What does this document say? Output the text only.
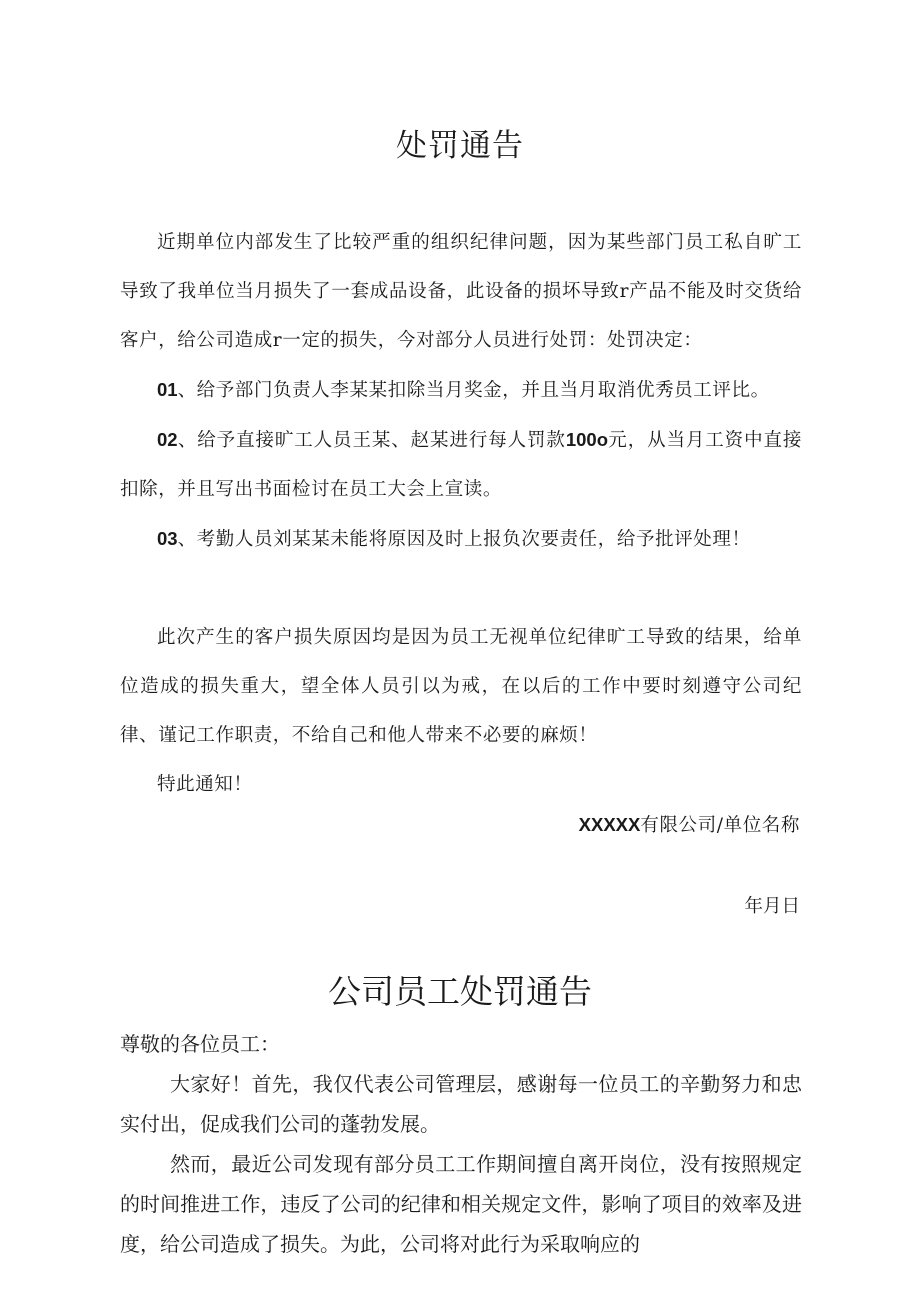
处罚通告

近期单位内部发生了比较严重的组织纪律问题，因为某些部门员工私自旷工导致了我单位当月损失了一套成品设备，此设备的损坏导致r产品不能及时交货给客户，给公司造成r一定的损失，今对部分人员进行处罚：处罚决定：

01、给予部门负责人李某某扣除当月奖金，并且当月取消优秀员工评比。

02、给予直接旷工人员王某、赵某进行每人罚款100o元，从当月工资中直接扣除，并且写出书面检讨在员工大会上宣读。

03、考勤人员刘某某未能将原因及时上报负次要责任，给予批评处理！

此次产生的客户损失原因均是因为员工无视单位纪律旷工导致的结果，给单位造成的损失重大，望全体人员引以为戒，在以后的工作中要时刻遵守公司纪律、谨记工作职责，不给自己和他人带来不必要的麻烦！

特此通知！

XXXXX有限公司/单位名称
年月日
公司员工处罚通告

尊敬的各位员工：

大家好！首先，我仅代表公司管理层，感谢每一位员工的辛勤努力和忠实付出，促成我们公司的蓬勃发展。

然而，最近公司发现有部分员工工作期间擅自离开岗位，没有按照规定的时间推进工作，违反了公司的纪律和相关规定文件，影响了项目的效率及进度，给公司造成了损失。为此，公司将对此行为采取响应的
